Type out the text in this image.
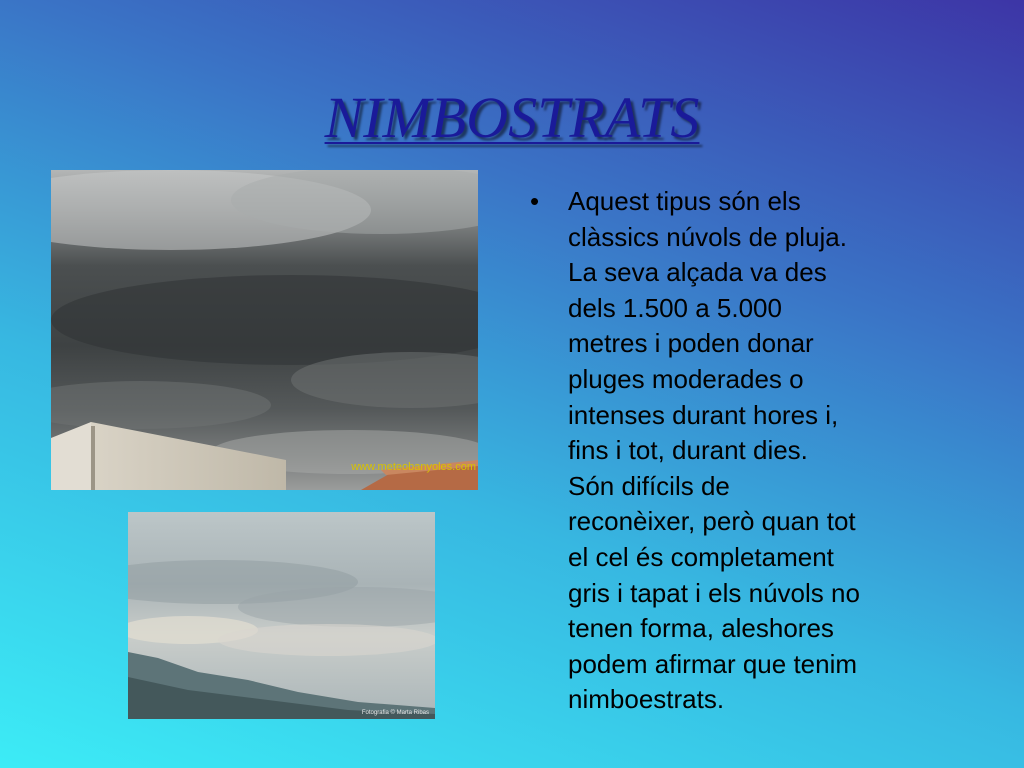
NIMBOSTRATS
www.meteobanyoles.com
Fotografia © Marta Ribas
•	Aquest tipus són els
clàssics núvols de pluja.
La seva alçada va des
dels 1.500 a 5.000
metres i poden donar
pluges moderades o
intenses durant hores i,
fins i tot, durant dies.
Són difícils de
reconèixer, però quan tot
el cel és completament
gris i tapat i els núvols no
tenen forma, aleshores
podem afirmar que tenim
nimboestrats.
